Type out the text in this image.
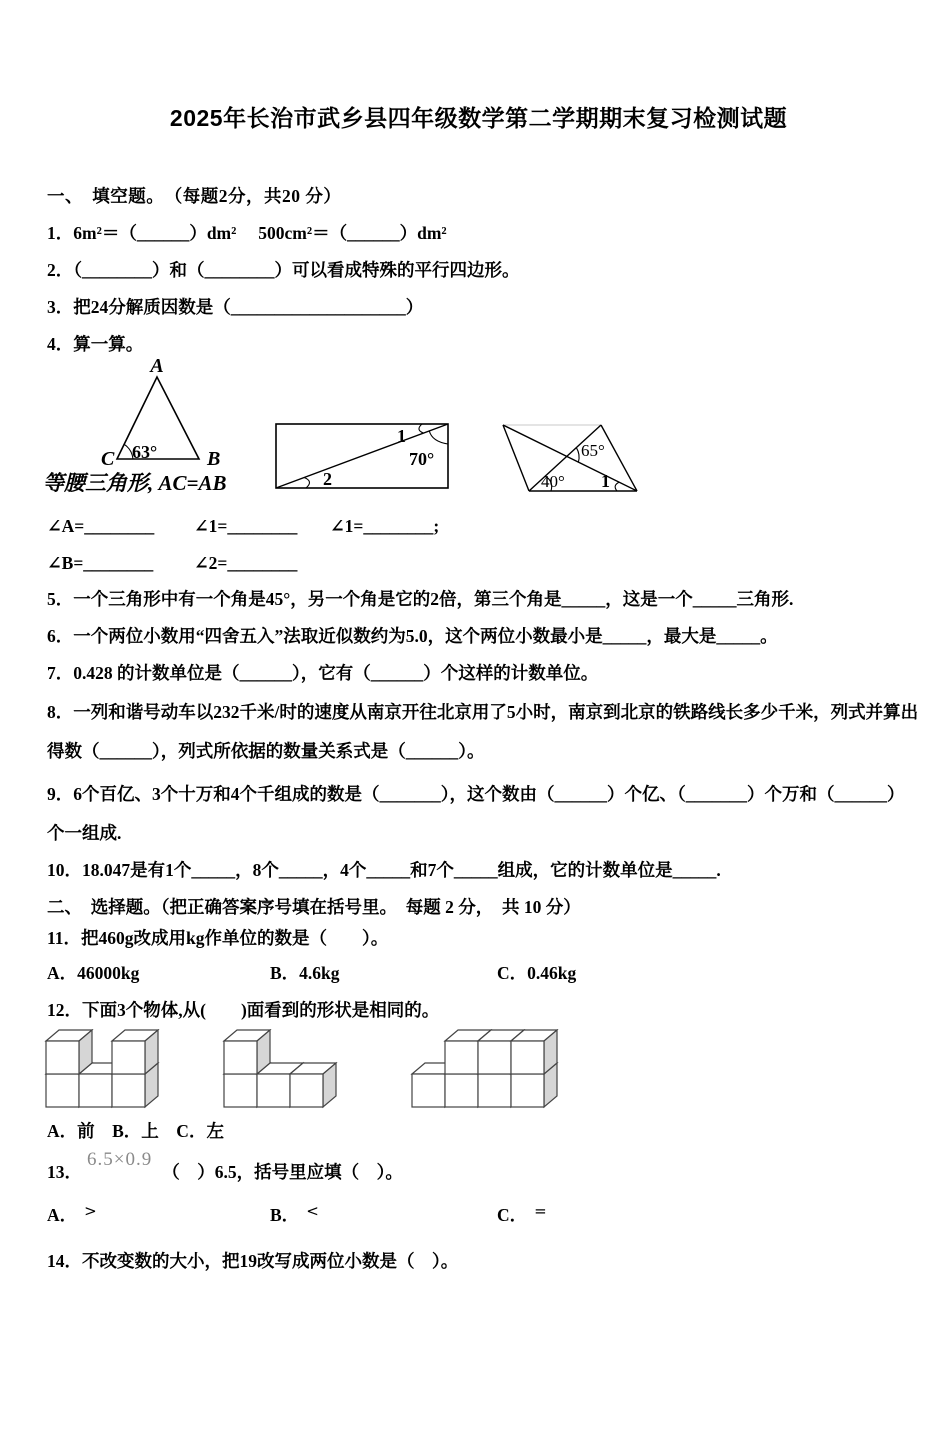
2025年长治市武乡县四年级数学第二学期期末复习检测试题
一、　填空题。　（每题2分，共20 分）
1．6m²＝（______）dm²　 500cm²＝（______）dm²
2．（________）和（________）可以看成特殊的平行四边形。
3．把24分解质因数是（____________________）
4．算一算。
A
C	B
63°
等腰三角形, AC=AB
1
70°
2
65°
40° 1
∠A=________	∠1=________	∠1=________;
∠B=________	∠2=________
5．一个三角形中有一个角是45°，另一个角是它的2倍，第三个角是_____，这是一个_____三角形.
6．一个两位小数用“四舍五入”法取近似数约为5.0，这个两位小数最小是_____，最大是_____。
7．0.428 的计数单位是（______），它有（______）个这样的计数单位。
8．一列和谐号动车以232千米/时的速度从南京开往北京用了5小时，南京到北京的铁路线长多少千米，列式并算出
得数（______），列式所依据的数量关系式是（______）。
9．6个百亿、3个十万和4个千组成的数是（_______），这个数由（______）个亿、（_______）个万和（______）
个一组成.
10．18.047是有1个_____，8个_____，4个_____和7个_____组成，它的计数单位是_____.
二、　选择题。（把正确答案序号填在括号里。　每题 2 分，　共 10 分）
11．把460g改成用kg作单位的数是（　　）。
A．46000kg	B．4.6kg	C．0.46kg
12．下面3个物体,从(　　)面看到的形状是相同的。
A．前　B．上　C．左
13．6.5×0.9（　）6.5，括号里应填（　）。
A． >	B． <	C． =
14．不改变数的大小，把19改写成两位小数是（　）。
